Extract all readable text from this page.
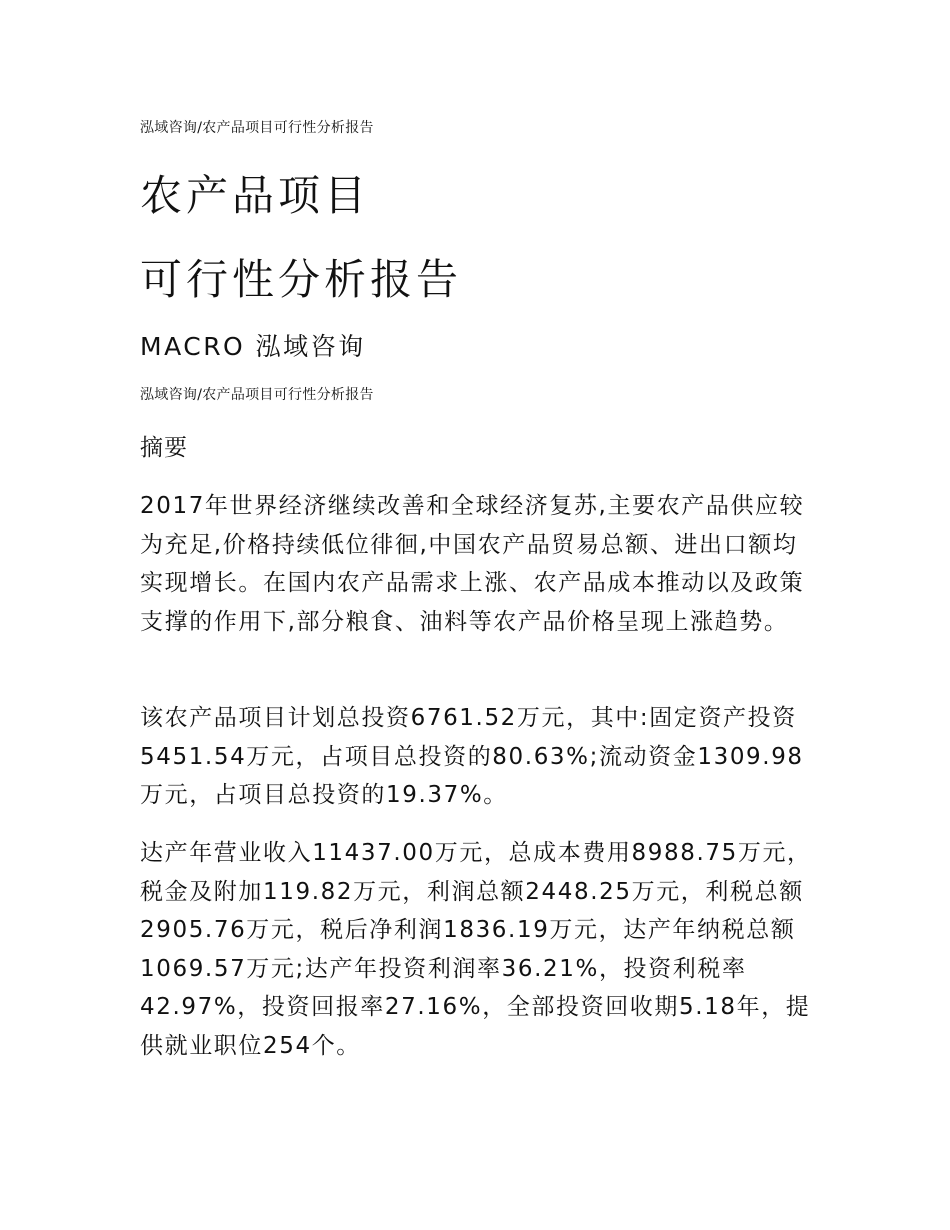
泓域咨询/农产品项目可行性分析报告
农产品项目
可行性分析报告
MACRO 泓域咨询
泓域咨询/农产品项目可行性分析报告
摘要

2017年世界经济继续改善和全球经济复苏,主要农产品供应较为充足,价格持续低位徘徊,中国农产品贸易总额、进出口额均实现增长。在国内农产品需求上涨、农产品成本推动以及政策支撑的作用下,部分粮食、油料等农产品价格呈现上涨趋势。

该农产品项目计划总投资6761.52万元，其中:固定资产投资5451.54万元，占项目总投资的80.63%;流动资金1309.98万元，占项目总投资的19.37%。

达产年营业收入11437.00万元，总成本费用8988.75万元，税金及附加119.82万元，利润总额2448.25万元，利税总额2905.76万元，税后净利润1836.19万元，达产年纳税总额1069.57万元;达产年投资利润率36.21%，投资利税率42.97%，投资回报率27.16%，全部投资回收期5.18年，提供就业职位254个。
